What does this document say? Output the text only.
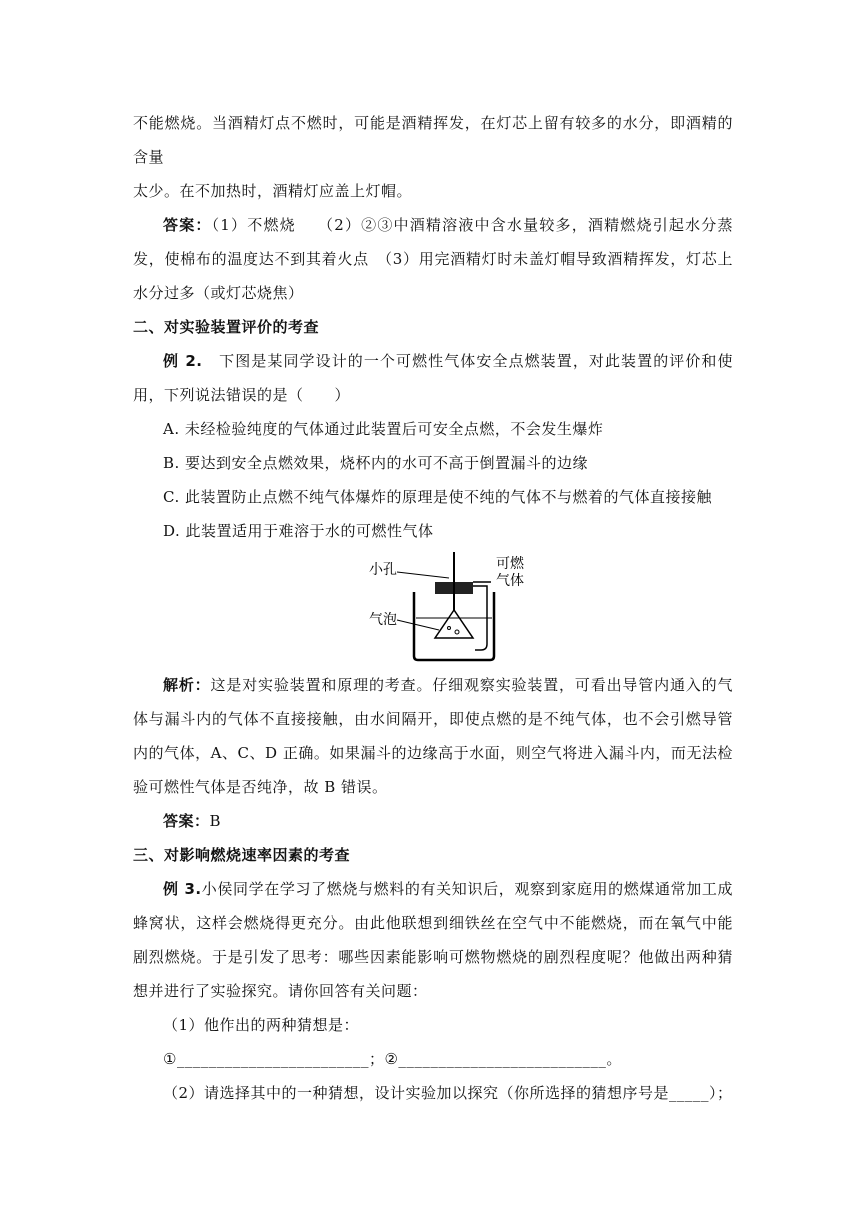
不能燃烧。当酒精灯点不燃时，可能是酒精挥发，在灯芯上留有较多的水分，即酒精的含量

太少。在不加热时，酒精灯应盖上灯帽。

答案：（1）不燃烧　 （2）②③中酒精溶液中含水量较多，酒精燃烧引起水分蒸发，使棉布的温度达不到其着火点　（3）用完酒精灯时未盖灯帽导致酒精挥发，灯芯上水分过多（或灯芯烧焦）

二、对实验装置评价的考查

例 2.　下图是某同学设计的一个可燃性气体安全点燃装置，对此装置的评价和使用，下列说法错误的是（　　）

A. 未经检验纯度的气体通过此装置后可安全点燃，不会发生爆炸

B. 要达到安全点燃效果，烧杯内的水可不高于倒置漏斗的边缘

C. 此装置防止点燃不纯气体爆炸的原理是使不纯的气体不与燃着的气体直接接触

D. 此装置适用于难溶于水的可燃性气体

小孔	可燃
气体
气泡

解析：这是对实验装置和原理的考查。仔细观察实验装置，可看出导管内通入的气体与漏斗内的气体不直接接触，由水间隔开，即使点燃的是不纯气体，也不会引燃导管内的气体，A、C、D 正确。如果漏斗的边缘高于水面，则空气将进入漏斗内，而无法检验可燃性气体是否纯净，故 B 错误。

答案：B

三、对影响燃烧速率因素的考查

例 3.小侯同学在学习了燃烧与燃料的有关知识后，观察到家庭用的燃煤通常加工成蜂窝状，这样会燃烧得更充分。由此他联想到细铁丝在空气中不能燃烧，而在氧气中能剧烈燃烧。于是引发了思考：哪些因素能影响可燃物燃烧的剧烈程度呢？他做出两种猜想并进行了实验探究。请你回答有关问题：

（1）他作出的两种猜想是：

①________________________；②__________________________。

（2）请选择其中的一种猜想，设计实验加以探究（你所选择的猜想序号是_____）；
